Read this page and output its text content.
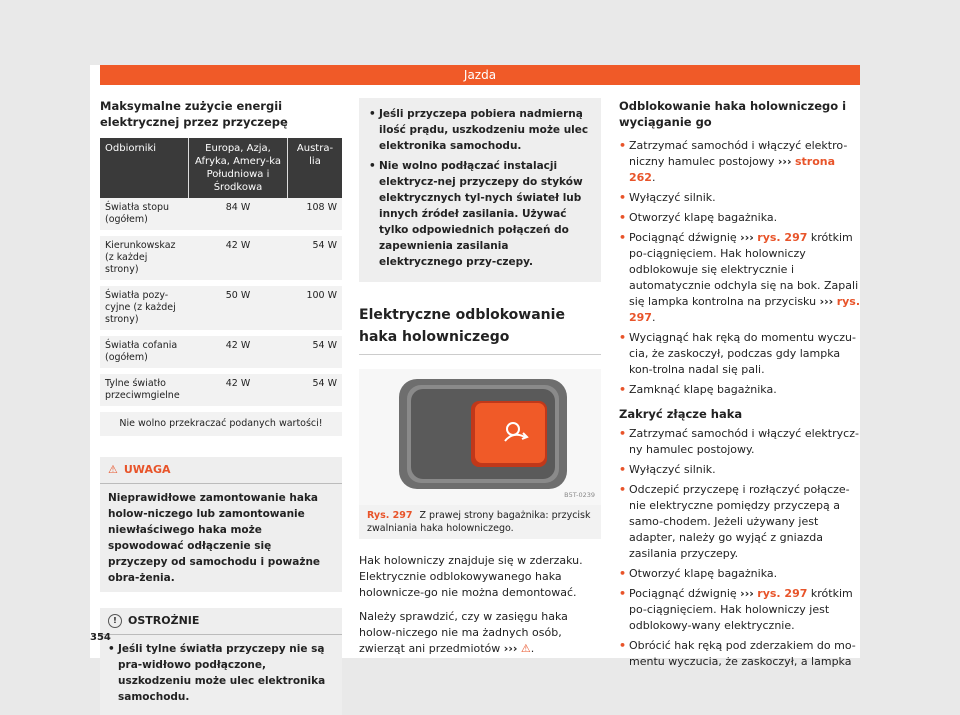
Jazda
Maksymalne zużycie energii elektrycznej przez przyczepę
Odbiorniki	Europa, Azja, Afryka, Amery-ka Południowa i Środkowa	Austra-lia
Światła stopu (ogółem)	84 W	108 W
Kierunkowskaz (z każdej strony)	42 W	54 W
Światła pozy-cyjne (z każdej strony)	50 W	100 W
Światła cofania (ogółem)	42 W	54 W
Tylne światło przeciwmgielne	42 W	54 W
Nie wolno przekraczać podanych wartości!		
⚠ UWAGA
Nieprawidłowe zamontowanie haka holow-niczego lub zamontowanie niewłaściwego haka może spowodować odłączenie się przyczepy od samochodu i poważne obra-żenia.
! OSTROŻNIE
• Jeśli tylne światła przyczepy nie są pra-widłowo podłączone, uszkodzeniu może ulec elektronika samochodu.
• Jeśli przyczepa pobiera nadmierną ilość prądu, uszkodzeniu może ulec elektronika samochodu.
• Nie wolno podłączać instalacji elektrycz-nej przyczepy do styków elektrycznych tyl-nych świateł lub innych źródeł zasilania. Używać tylko odpowiednich połączeń do zapewnienia zasilania elektrycznego przy-czepy.
Elektryczne odblokowanie haka holowniczego
B5T-0239
Rys. 297 Z prawej strony bagażnika: przycisk zwalniania haka holowniczego.

Hak holowniczy znajduje się w zderzaku. Elektrycznie odblokowywanego haka holownicze-go nie można demontować.

Należy sprawdzić, czy w zasięgu haka holow-niczego nie ma żadnych osób, zwierząt ani przedmiotów ››› ⚠.

Odblokowanie haka holowniczego i wyciąganie go
• Zatrzymać samochód i włączyć elektro-niczny hamulec postojowy ››› strona 262.
• Wyłączyć silnik.
• Otworzyć klapę bagażnika.
• Pociągnąć dźwignię ››› rys. 297 krótkim po-ciągnięciem. Hak holowniczy odblokowuje się elektrycznie i automatycznie odchyla się na bok. Zapali się lampka kontrolna na przycisku ››› rys. 297.
• Wyciągnąć hak ręką do momentu wyczu-cia, że zaskoczył, podczas gdy lampka kon-trolna nadal się pali.
• Zamknąć klapę bagażnika.
Zakryć złącze haka
• Zatrzymać samochód i włączyć elektrycz-ny hamulec postojowy.
• Wyłączyć silnik.
• Odczepić przyczepę i rozłączyć połącze-nie elektryczne pomiędzy przyczepą a samo-chodem. Jeżeli używany jest adapter, należy go wyjąć z gniazda zasilania przyczepy.
• Otworzyć klapę bagażnika.
• Pociągnąć dźwignię ››› rys. 297 krótkim po-ciągnięciem. Hak holowniczy jest odblokowy-wany elektrycznie.
• Obrócić hak ręką pod zderzakiem do mo-mentu wyczucia, że zaskoczył, a lampka
354
